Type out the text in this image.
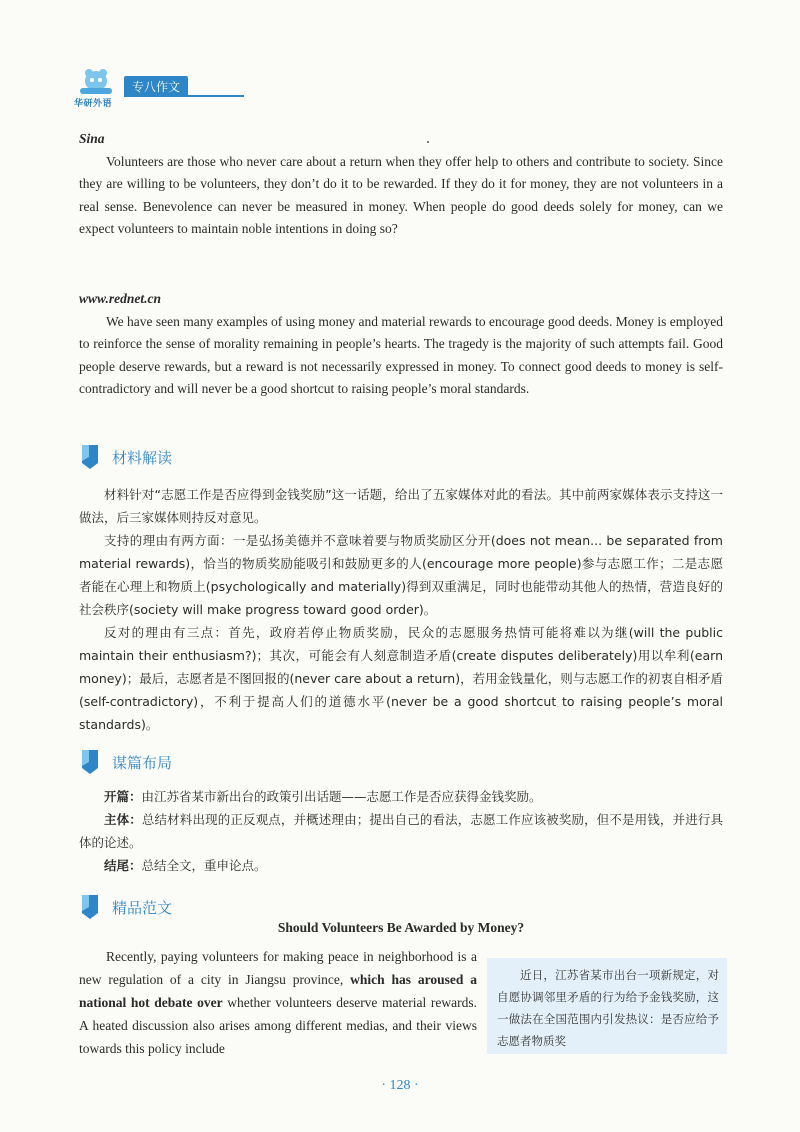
华研外语
专八作文
Sina

Volunteers are those who never care about a return when they offer help to others and contribute to society. Since they are willing to be volunteers, they don’t do it to be rewarded. If they do it for money, they are not volunteers in a real sense. Benevolence can never be measured in money. When people do good deeds solely for money, can we expect volunteers to maintain noble intentions in doing so?

www.rednet.cn

We have seen many examples of using money and material rewards to encourage good deeds. Money is employed to reinforce the sense of morality remaining in people’s hearts. The tragedy is the majority of such attempts fail. Good people deserve rewards, but a reward is not necessarily expressed in money. To connect good deeds to money is self-contradictory and will never be a good shortcut to raising people’s moral standards.

材料解读

材料针对“志愿工作是否应得到金钱奖励”这一话题，给出了五家媒体对此的看法。其中前两家媒体表示支持这一做法，后三家媒体则持反对意见。

支持的理由有两方面：一是弘扬美德并不意味着要与物质奖励区分开(does not mean... be separated from material rewards)，恰当的物质奖励能吸引和鼓励更多的人(encourage more people)参与志愿工作；二是志愿者能在心理上和物质上(psychologically and materially)得到双重满足，同时也能带动其他人的热情，营造良好的社会秩序(society will make progress toward good order)。

反对的理由有三点：首先，政府若停止物质奖励，民众的志愿服务热情可能将难以为继(will the public maintain their enthusiasm?)；其次，可能会有人刻意制造矛盾(create disputes deliberately)用以牟利(earn money)；最后，志愿者是不图回报的(never care about a return)，若用金钱量化，则与志愿工作的初衷自相矛盾(self-contradictory)，不利于提高人们的道德水平(never be a good shortcut to raising people’s moral standards)。

谋篇布局

开篇：由江苏省某市新出台的政策引出话题——志愿工作是否应获得金钱奖励。

主体：总结材料出现的正反观点，并概述理由；提出自己的看法，志愿工作应该被奖励，但不是用钱，并进行具体的论述。

结尾：总结全文，重申论点。

精品范文
Should Volunteers Be Awarded by Money?

Recently, paying volunteers for making peace in neighborhood is a new regulation of a city in Jiangsu province, which has aroused a national hot debate over whether volunteers deserve material rewards. A heated discussion also arises among different medias, and their views towards this policy include

近日，江苏省某市出台一项新规定，对自愿协调邻里矛盾的行为给予金钱奖励，这一做法在全国范围内引发热议：是否应给予志愿者物质奖

· 128 ·
